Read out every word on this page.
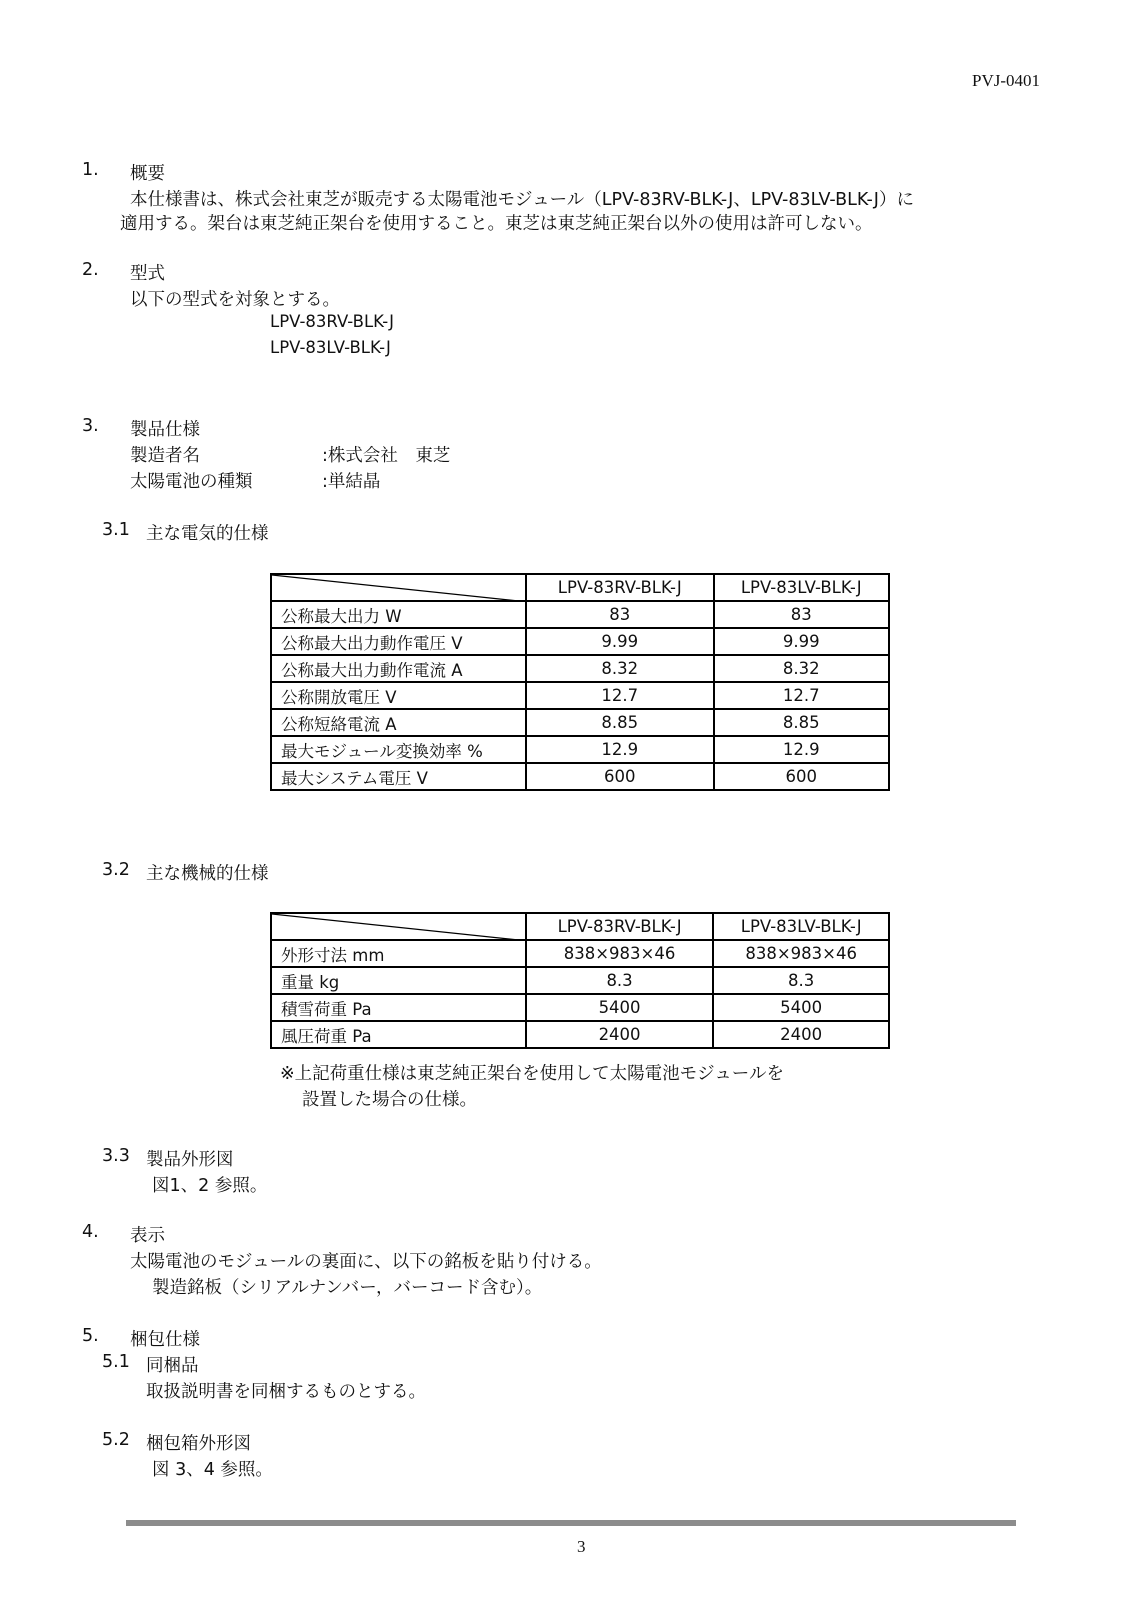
PVJ-0401
1. 概要
本仕様書は、株式会社東芝が販売する太陽電池モジュール（LPV-83RV-BLK-J、LPV-83LV-BLK-J）に
適用する。架台は東芝純正架台を使用すること。東芝は東芝純正架台以外の使用は許可しない。
2. 型式
以下の型式を対象とする。
LPV-83RV-BLK-J
LPV-83LV-BLK-J
3. 製品仕様
製造者名	:株式会社　東芝
太陽電池の種類	:単結晶
3.1 主な電気的仕様
	LPV-83RV-BLK-J	LPV-83LV-BLK-J
公称最大出力 W	83	83
公称最大出力動作電圧 V	9.99	9.99
公称最大出力動作電流 A	8.32	8.32
公称開放電圧 V	12.7	12.7
公称短絡電流 A	8.85	8.85
最大モジュール変換効率 %	12.9	12.9
最大システム電圧 V	600	600
3.2 主な機械的仕様
	LPV-83RV-BLK-J	LPV-83LV-BLK-J
外形寸法 mm	838×983×46	838×983×46
重量 kg	8.3	8.3
積雪荷重 Pa	5400	5400
風圧荷重 Pa	2400	2400
※上記荷重仕様は東芝純正架台を使用して太陽電池モジュールを
設置した場合の仕様。
3.3 製品外形図
図1、2 参照。
4. 表示
太陽電池のモジュールの裏面に、以下の銘板を貼り付ける。
製造銘板（シリアルナンバー，バーコード含む）。
5. 梱包仕様
5.1 同梱品
取扱説明書を同梱するものとする。
5.2 梱包箱外形図
図 3、4 参照。
3
